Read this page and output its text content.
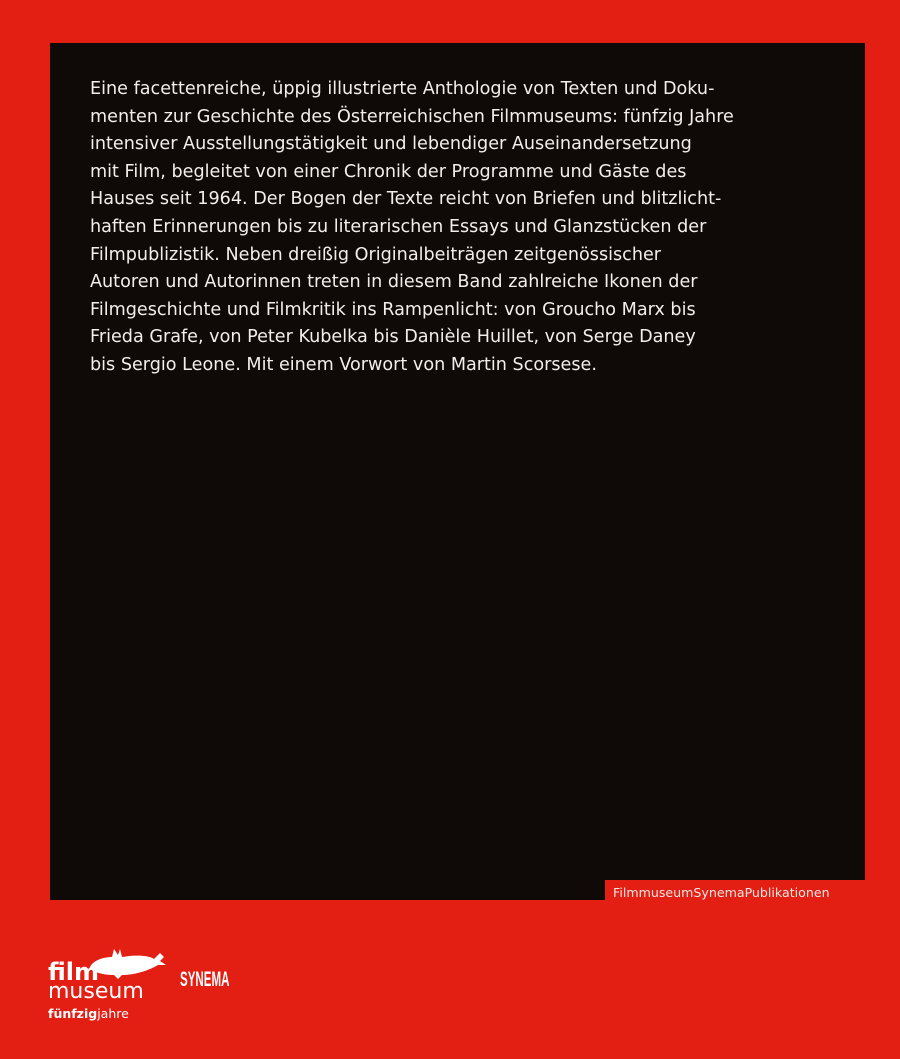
Eine facettenreiche, üppig illustrierte Anthologie von Texten und Doku-
menten zur Geschichte des Österreichischen Filmmuseums: fünfzig Jahre
intensiver Ausstellungstätigkeit und lebendiger Auseinandersetzung
mit Film, begleitet von einer Chronik der Programme und Gäste des
Hauses seit 1964. Der Bogen der Texte reicht von Briefen und blitzlicht-
haften Erinnerungen bis zu literarischen Essays und Glanzstücken der
Filmpublizistik. Neben dreißig Originalbeiträgen zeitgenössischer
Autoren und Autorinnen treten in diesem Band zahlreiche Ikonen der
Filmgeschichte und Filmkritik ins Rampenlicht: von Groucho Marx bis
Frieda Grafe, von Peter Kubelka bis Danièle Huillet, von Serge Daney
bis Sergio Leone. Mit einem Vorwort von Martin Scorsese.
FilmmuseumSynemaPublikationen
film
museum
fünfzigjahre
SYNEMA
